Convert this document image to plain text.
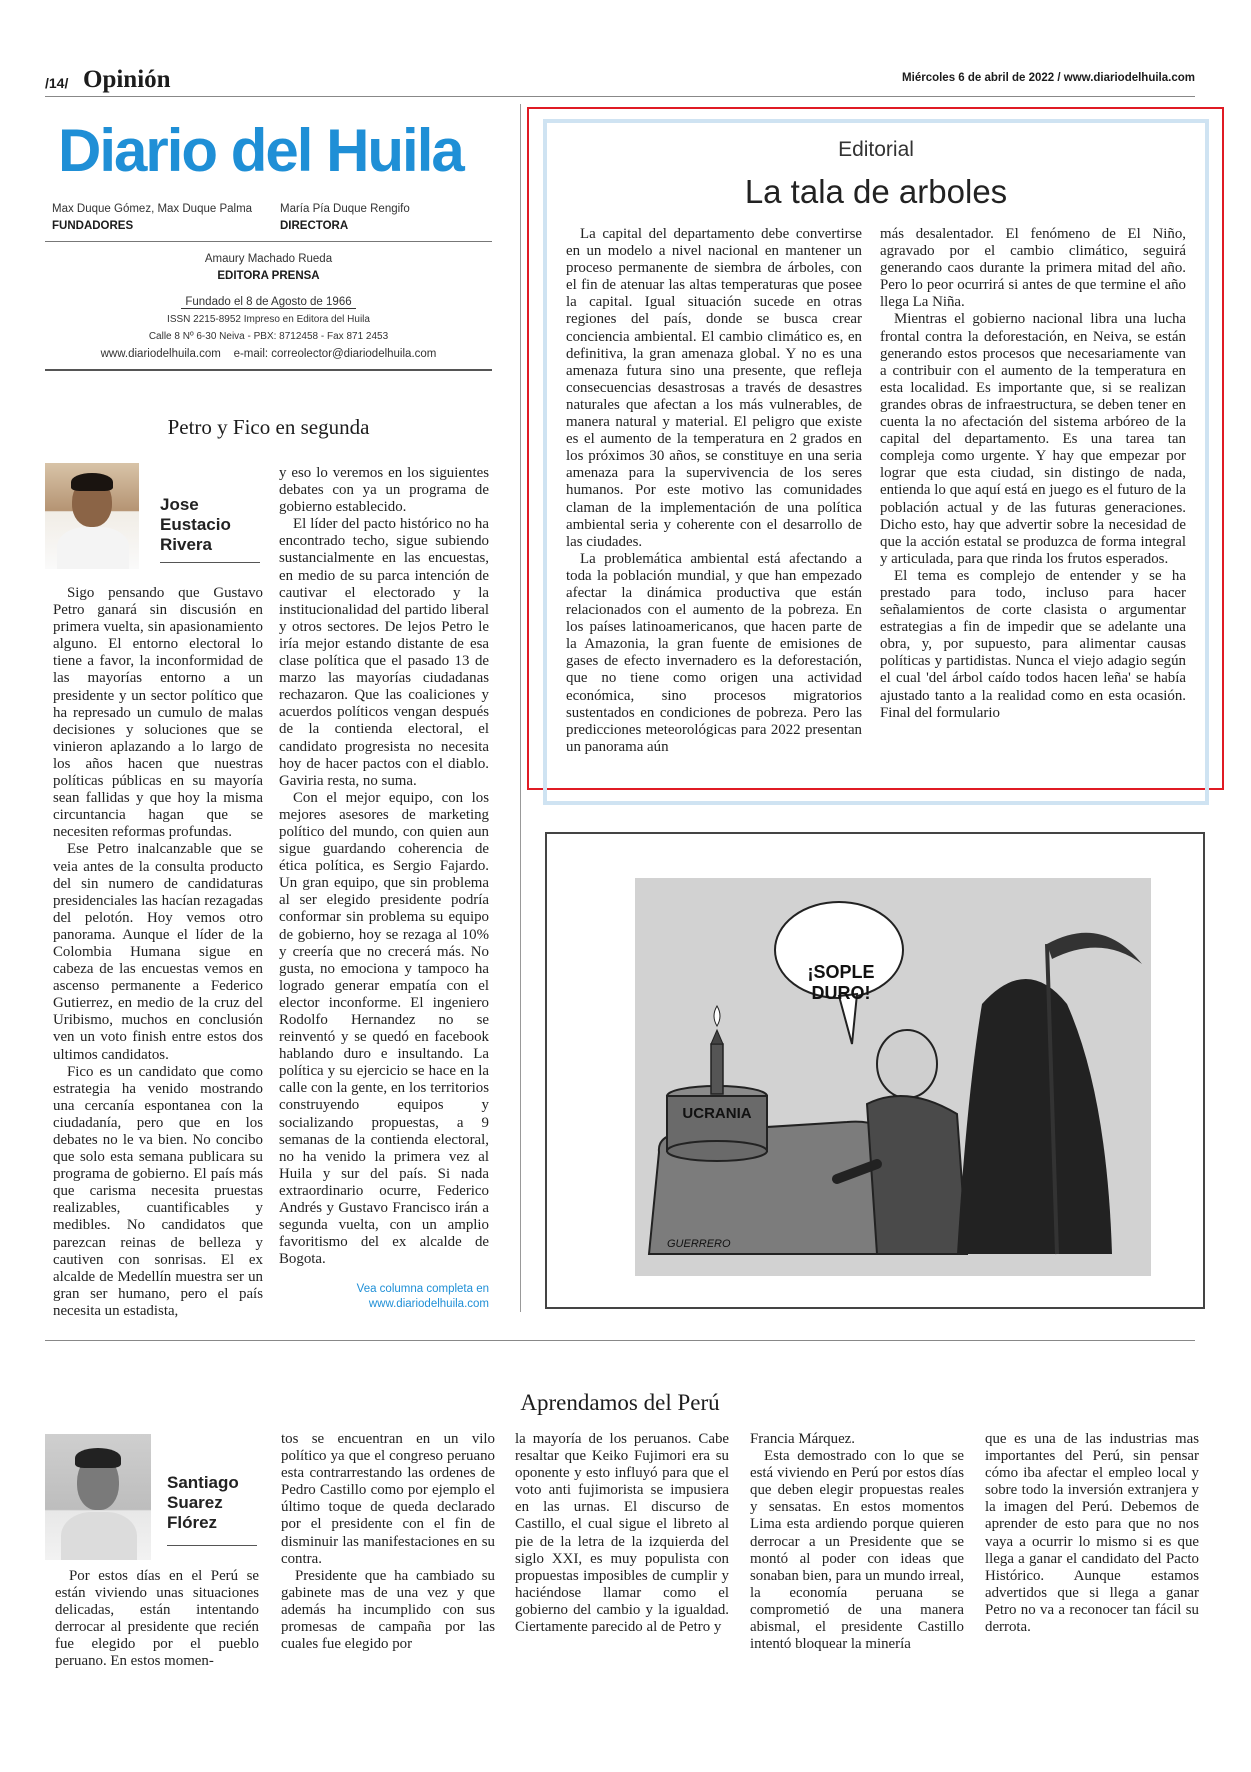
/14/ Opinión	Miércoles 6 de abril de 2022 / www.diariodelhuila.com
Diario del Huila
Max Duque Gómez, Max Duque Palma
FUNDADORES
María Pía Duque Rengifo
DIRECTORA
Amaury Machado Rueda
EDITORA PRENSA
Fundado el 8 de Agosto de 1966
ISSN 2215-8952 Impreso en Editora del Huila
Calle 8 Nº 6-30 Neiva - PBX: 8712458 - Fax 871 2453
www.diariodelhuila.com e-mail: correolector@diariodelhuila.com
Petro y Fico en segunda
Jose
Eustacio
Rivera

Sigo pensando que Gustavo Petro ganará sin discusión en primera vuelta, sin apasionamiento alguno. El entorno electoral lo tiene a favor, la inconformidad de las mayorías entorno a un presidente y un sector político que ha represado un cumulo de malas decisiones y soluciones que se vinieron aplazando a lo largo de los años hacen que nuestras políticas públicas en su mayoría sean fallidas y que hoy la misma circuntancia hagan que se necesiten reformas profundas.

Ese Petro inalcanzable que se veia antes de la consulta producto del sin numero de candidaturas presidenciales las hacían rezagadas del pelotón. Hoy vemos otro panorama. Aunque el líder de la Colombia Humana sigue en cabeza de las encuestas vemos en ascenso permanente a Federico Gutierrez, en medio de la cruz del Uribismo, muchos en conclusión ven un voto finish entre estos dos ultimos candidatos.

Fico es un candidato que como estrategia ha venido mostrando una cercanía espontanea con la ciudadanía, pero que en los debates no le va bien. No concibo que solo esta semana publicara su programa de gobierno. El país más que carisma necesita pruestas realizables, cuantificables y medibles. No candidatos que parezcan reinas de belleza y cautiven con sonrisas. El ex alcalde de Medellín muestra ser un gran ser humano, pero el país necesita un estadista,

y eso lo veremos en los siguientes debates con ya un programa de gobierno establecido.

El líder del pacto histórico no ha encontrado techo, sigue subiendo sustancialmente en las encuestas, en medio de su parca intención de cautivar el electorado y la institucionalidad del partido liberal y otros sectores. De lejos Petro le iría mejor estando distante de esa clase política que el pasado 13 de marzo las mayorías ciudadanas rechazaron. Que las coaliciones y acuerdos políticos vengan después de la contienda electoral, el candidato progresista no necesita hoy de hacer pactos con el diablo. Gaviria resta, no suma.

Con el mejor equipo, con los mejores asesores de marketing político del mundo, con quien aun sigue guardando coherencia de ética política, es Sergio Fajardo. Un gran equipo, que sin problema al ser elegido presidente podría conformar sin problema su equipo de gobierno, hoy se rezaga al 10% y creería que no crecerá más. No gusta, no emociona y tampoco ha logrado generar empatía con el elector inconforme. El ingeniero Rodolfo Hernandez no se reinventó y se quedó en facebook hablando duro e insultando. La política y su ejercicio se hace en la calle con la gente, en los territorios construyendo equipos y socializando propuestas, a 9 semanas de la contienda electoral, no ha venido la primera vez al Huila y sur del país. Si nada extraordinario ocurre, Federico Andrés y Gustavo Francisco irán a segunda vuelta, con un amplio favoritismo del ex alcalde de Bogota.

Vea columna completa en
www.diariodelhuila.com
Editorial
La tala de arboles

La capital del departamento debe convertirse en un modelo a nivel nacional en mantener un proceso permanente de siembra de árboles, con el fin de atenuar las altas temperaturas que posee la capital. Igual situación sucede en otras regiones del país, donde se busca crear conciencia ambiental. El cambio climático es, en definitiva, la gran amenaza global. Y no es una amenaza futura sino una presente, que refleja consecuencias desastrosas a través de desastres naturales que afectan a los más vulnerables, de manera natural y material. El peligro que existe es el aumento de la temperatura en 2 grados en los próximos 30 años, se constituye en una seria amenaza para la supervivencia de los seres humanos. Por este motivo las comunidades claman de la implementación de una política ambiental seria y coherente con el desarrollo de las ciudades.

La problemática ambiental está afectando a toda la población mundial, y que han empezado afectar la dinámica productiva que están relacionados con el aumento de la pobreza. En los países latinoamericanos, que hacen parte de la Amazonia, la gran fuente de emisiones de gases de efecto invernadero es la deforestación, que no tiene como origen una actividad económica, sino procesos migratorios sustentados en condiciones de pobreza. Pero las predicciones meteorológicas para 2022 presentan un panorama aún

más desalentador. El fenómeno de El Niño, agravado por el cambio climático, seguirá generando caos durante la primera mitad del año. Pero lo peor ocurrirá si antes de que termine el año llega La Niña.

Mientras el gobierno nacional libra una lucha frontal contra la deforestación, en Neiva, se están generando estos procesos que necesariamente van a contribuir con el aumento de la temperatura en esta localidad. Es importante que, si se realizan grandes obras de infraestructura, se deben tener en cuenta la no afectación del sistema arbóreo de la capital del departamento. Es una tarea tan compleja como urgente. Y hay que empezar por lograr que esta ciudad, sin distingo de nada, entienda lo que aquí está en juego es el futuro de la población actual y de las futuras generaciones. Dicho esto, hay que advertir sobre la necesidad de que la acción estatal se produzca de forma integral y articulada, para que rinda los frutos esperados.

El tema es complejo de entender y se ha prestado para todo, incluso para hacer señalamientos de corte clasista o argumentar estrategias a fin de impedir que se adelante una obra, y, por supuesto, para alimentar causas políticas y partidistas. Nunca el viejo adagio según el cual 'del árbol caído todos hacen leña' se había ajustado tanto a la realidad como en esta ocasión. Final del formulario

¡SOPLE DURO!
UCRANIA
GUERRERO
Aprendamos del Perú
Santiago
Suarez
Flórez

Por estos días en el Perú se están viviendo unas situaciones delicadas, están intentando derrocar al presidente que recién fue elegido por el pueblo peruano. En estos momen-

tos se encuentran en un vilo político ya que el congreso peruano esta contrarrestando las ordenes de Pedro Castillo como por ejemplo el último toque de queda declarado por el presidente con el fin de disminuir las manifestaciones en su contra.

Presidente que ha cambiado su gabinete mas de una vez y que además ha incumplido con sus promesas de campaña por las cuales fue elegido por

la mayoría de los peruanos. Cabe resaltar que Keiko Fujimori era su oponente y esto influyó para que el voto anti fujimorista se impusiera en las urnas. El discurso de Castillo, el cual sigue el libreto al pie de la letra de la izquierda del siglo XXI, es muy populista con propuestas imposibles de cumplir y haciéndose llamar como el gobierno del cambio y la igualdad. Ciertamente parecido al de Petro y

Francia Márquez.

Esta demostrado con lo que se está viviendo en Perú por estos días que deben elegir propuestas reales y sensatas. En estos momentos Lima esta ardiendo porque quieren derrocar a un Presidente que se montó al poder con ideas que sonaban bien, para un mundo irreal, la economía peruana se comprometió de una manera abismal, el presidente Castillo intentó bloquear la minería

que es una de las industrias mas importantes del Perú, sin pensar cómo iba afectar el empleo local y sobre todo la inversión extranjera y la imagen del Perú. Debemos de aprender de esto para que no nos vaya a ocurrir lo mismo si es que llega a ganar el candidato del Pacto Histórico. Aunque estamos advertidos que si llega a ganar Petro no va a reconocer tan fácil su derrota.
